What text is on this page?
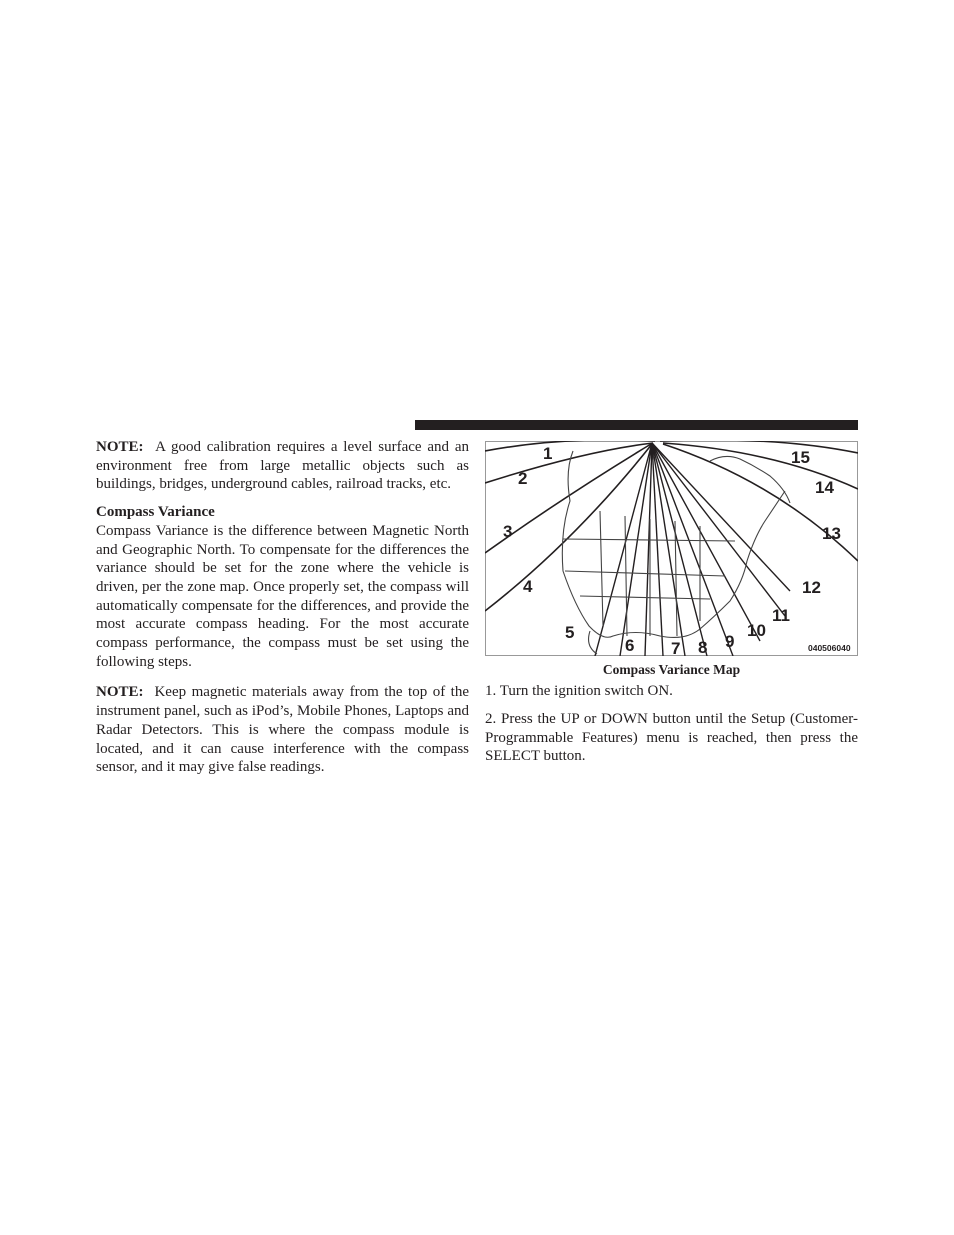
NOTE: A good calibration requires a level surface and an environment free from large metallic objects such as buildings, bridges, underground cables, railroad tracks, etc.

Compass Variance

Compass Variance is the difference between Magnetic North and Geographic North. To compensate for the differences the variance should be set for the zone where the vehicle is driven, per the zone map. Once properly set, the compass will automatically compensate for the differences, and provide the most accurate compass heading. For the most accurate compass performance, the compass must be set using the following steps.

NOTE: Keep magnetic materials away from the top of the instrument panel, such as iPod’s, Mobile Phones, Laptops and Radar Detectors. This is where the compass module is located, and it can cause interference with the compass sensor, and it may give false readings.

1
2
3
4
5
6 7 8 9
10
11
12
13
14
15
040506040
Compass Variance Map

1. Turn the ignition switch ON.

2. Press the UP or DOWN button until the Setup (Customer-Programmable Features) menu is reached, then press the SELECT button.
